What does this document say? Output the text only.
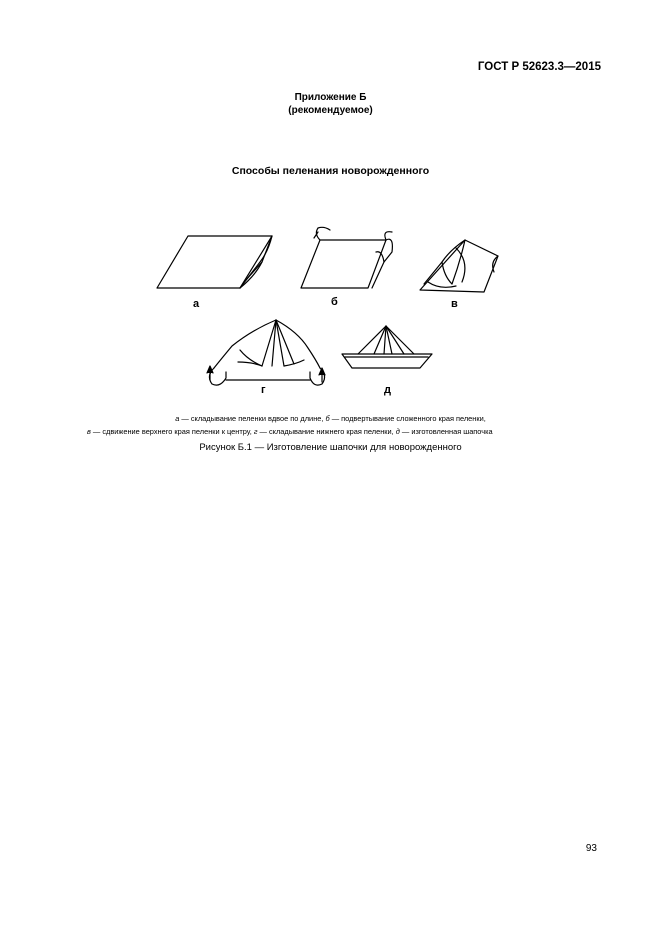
ГОСТ Р 52623.3—2015
Приложение Б
(рекомендуемое)
Способы пеленания новорожденного
а	б	в
г	д
а — складывание пеленки вдвое по длине, б — подвертывание сложенного края пеленки,
в — сдвижение верхнего края пеленки к центру, г — складывание нижнего края пеленки, д — изготовленная шапочка
Рисунок Б.1 — Изготовление шапочки для новорожденного
93
